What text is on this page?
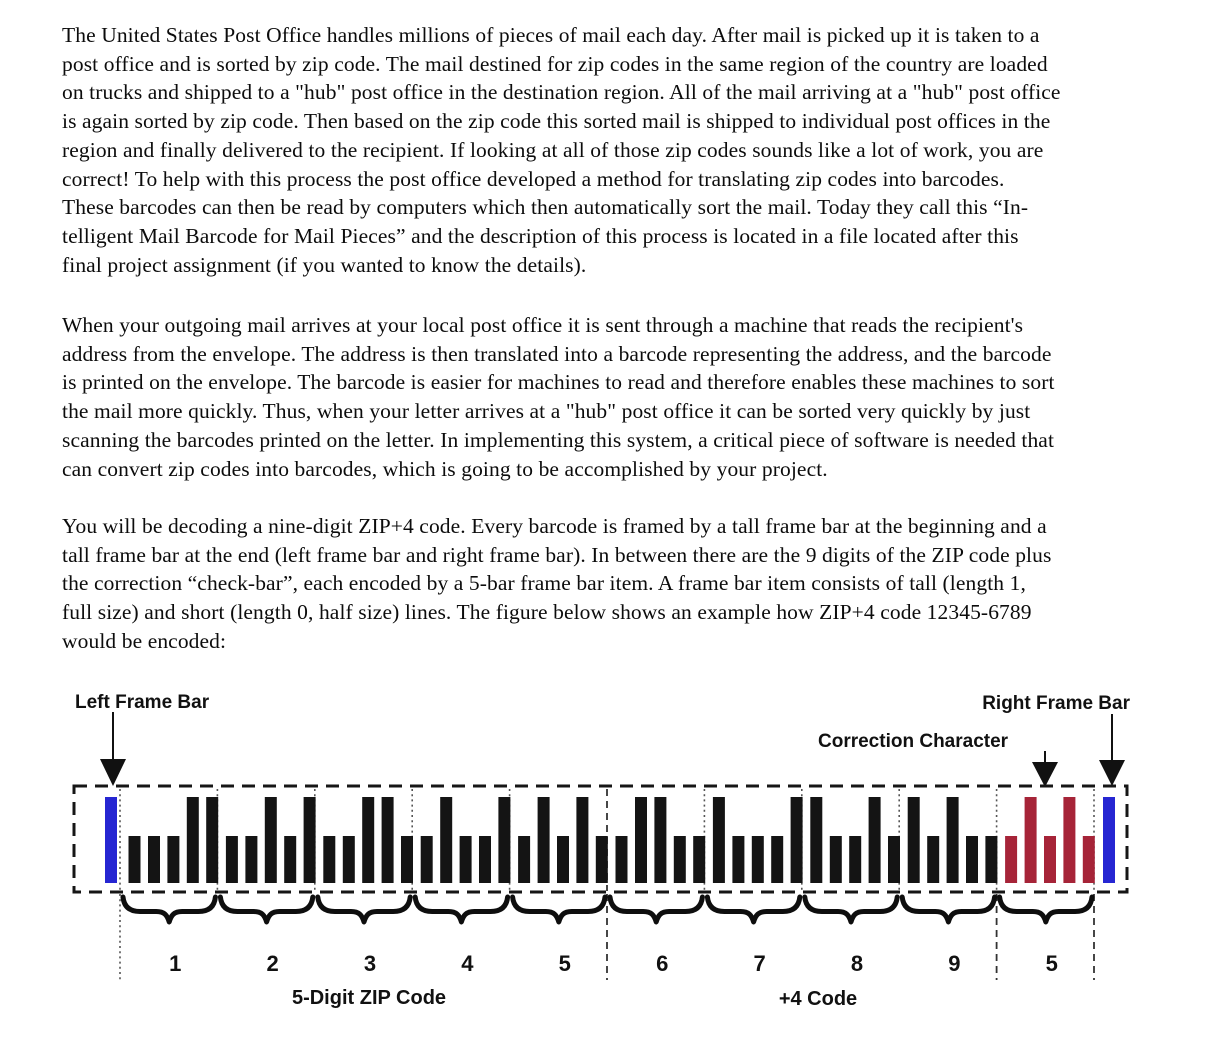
The United States Post Office handles millions of pieces of mail each day. After mail is picked up it is taken to a
post office and is sorted by zip code. The mail destined for zip codes in the same region of the country are loaded
on trucks and shipped to a "hub" post office in the destination region. All of the mail arriving at a "hub" post office
is again sorted by zip code. Then based on the zip code this sorted mail is shipped to individual post offices in the
region and finally delivered to the recipient. If looking at all of those zip codes sounds like a lot of work, you are
correct! To help with this process the post office developed a method for translating zip codes into barcodes.
These barcodes can then be read by computers which then automatically sort the mail. Today they call this “In-
telligent Mail Barcode for Mail Pieces” and the description of this process is located in a file located after this
final project assignment (if you wanted to know the details).
When your outgoing mail arrives at your local post office it is sent through a machine that reads the recipient's
address from the envelope. The address is then translated into a barcode representing the address, and the barcode
is printed on the envelope. The barcode is easier for machines to read and therefore enables these machines to sort
the mail more quickly. Thus, when your letter arrives at a "hub" post office it can be sorted very quickly by just
scanning the barcodes printed on the letter. In implementing this system, a critical piece of software is needed that
can convert zip codes into barcodes, which is going to be accomplished by your project.
You will be decoding a nine-digit ZIP+4 code. Every barcode is framed by a tall frame bar at the beginning and a
tall frame bar at the end (left frame bar and right frame bar). In between there are the 9 digits of the ZIP code plus
the correction “check-bar”, each encoded by a 5-bar frame bar item. A frame bar item consists of tall (length 1,
full size) and short (length 0, half size) lines. The figure below shows an example how ZIP+4 code 12345-6789
would be encoded:
Left Frame Bar	Right Frame Bar
Correction Character
1	2	3	4	5	6	7	8	9	5
5-Digit ZIP Code	+4 Code
